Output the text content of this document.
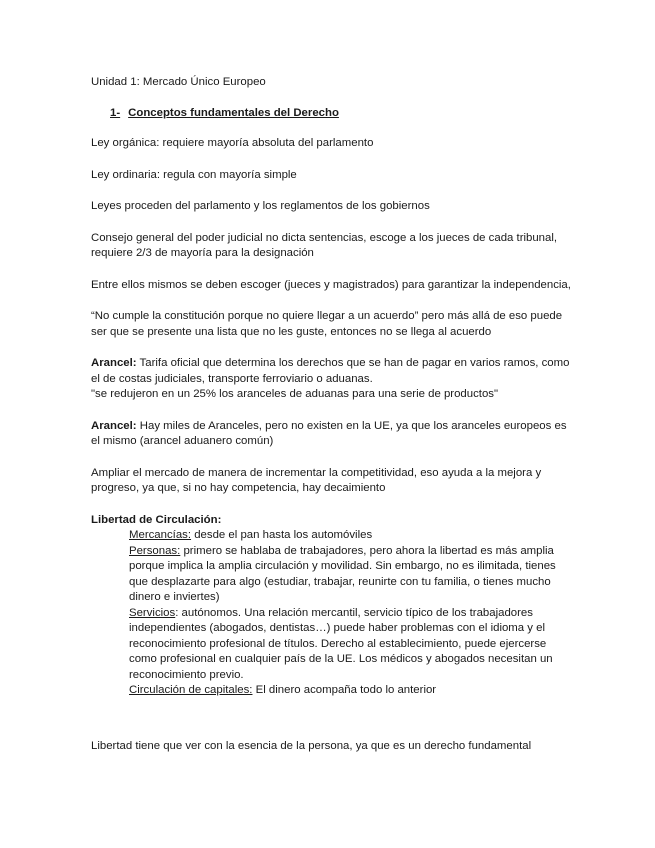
Unidad 1: Mercado Único Europeo

1- Conceptos fundamentales del Derecho

Ley orgánica: requiere mayoría absoluta del parlamento

Ley ordinaria: regula con mayoría simple

Leyes proceden del parlamento y los reglamentos de los gobiernos

Consejo general del poder judicial no dicta sentencias, escoge a los jueces de cada tribunal, requiere 2/3 de mayoría para la designación

Entre ellos mismos se deben escoger (jueces y magistrados) para garantizar la independencia,

“No cumple la constitución porque no quiere llegar a un acuerdo” pero más allá de eso puede ser que se presente una lista que no les guste, entonces no se llega al acuerdo

Arancel: Tarifa oficial que determina los derechos que se han de pagar en varios ramos, como el de costas judiciales, transporte ferroviario o aduanas.

"se redujeron en un 25% los aranceles de aduanas para una serie de productos"

Arancel: Hay miles de Aranceles, pero no existen en la UE, ya que los aranceles europeos es el mismo (arancel aduanero común)

Ampliar el mercado de manera de incrementar la competitividad, eso ayuda a la mejora y progreso, ya que, si no hay competencia, hay decaimiento

Libertad de Circulación:

Mercancías: desde el pan hasta los automóviles

Personas: primero se hablaba de trabajadores, pero ahora la libertad es más amplia porque implica la amplia circulación y movilidad. Sin embargo, no es ilimitada, tienes que desplazarte para algo (estudiar, trabajar, reunirte con tu familia, o tienes mucho dinero e inviertes)

Servicios: autónomos. Una relación mercantil, servicio típico de los trabajadores independientes (abogados, dentistas…) puede haber problemas con el idioma y el reconocimiento profesional de títulos. Derecho al establecimiento, puede ejercerse como profesional en cualquier país de la UE. Los médicos y abogados necesitan un reconocimiento previo.

Circulación de capitales: El dinero acompaña todo lo anterior

Libertad tiene que ver con la esencia de la persona, ya que es un derecho fundamental
